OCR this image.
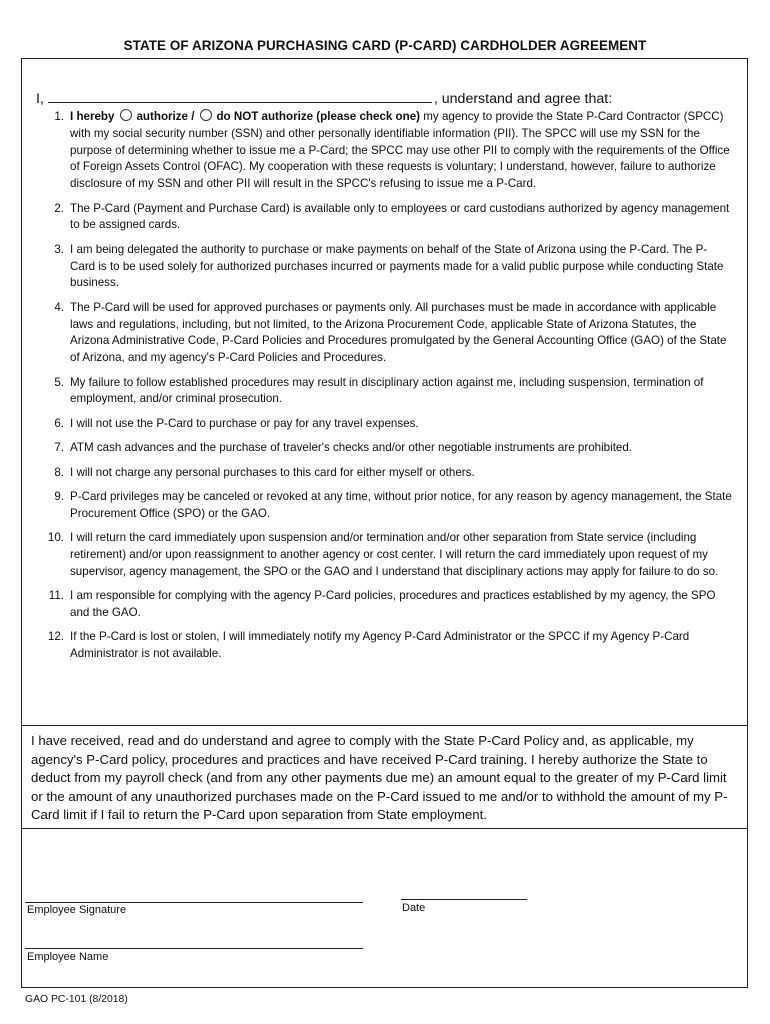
STATE OF ARIZONA PURCHASING CARD (P-CARD) CARDHOLDER AGREEMENT
I,	, understand and agree that:
1. I hereby authorize / do NOT authorize (please check one) my agency to provide the State P-Card Contractor (SPCC) with my social security number (SSN) and other personally identifiable information (PII). The SPCC will use my SSN for the purpose of determining whether to issue me a P-Card; the SPCC may use other PII to comply with the requirements of the Office of Foreign Assets Control (OFAC). My cooperation with these requests is voluntary; I understand, however, failure to authorize disclosure of my SSN and other PII will result in the SPCC's refusing to issue me a P-Card.
2. The P-Card (Payment and Purchase Card) is available only to employees or card custodians authorized by agency management to be assigned cards.
3. I am being delegated the authority to purchase or make payments on behalf of the State of Arizona using the P-Card. The P-Card is to be used solely for authorized purchases incurred or payments made for a valid public purpose while conducting State business.
4. The P-Card will be used for approved purchases or payments only. All purchases must be made in accordance with applicable laws and regulations, including, but not limited, to the Arizona Procurement Code, applicable State of Arizona Statutes, the Arizona Administrative Code, P-Card Policies and Procedures promulgated by the General Accounting Office (GAO) of the State of Arizona, and my agency's P-Card Policies and Procedures.
5. My failure to follow established procedures may result in disciplinary action against me, including suspension, termination of employment, and/or criminal prosecution.
6. I will not use the P-Card to purchase or pay for any travel expenses.
7. ATM cash advances and the purchase of traveler's checks and/or other negotiable instruments are prohibited.
8. I will not charge any personal purchases to this card for either myself or others.
9. P-Card privileges may be canceled or revoked at any time, without prior notice, for any reason by agency management, the State Procurement Office (SPO) or the GAO.
10. I will return the card immediately upon suspension and/or termination and/or other separation from State service (including retirement) and/or upon reassignment to another agency or cost center. I will return the card immediately upon request of my supervisor, agency management, the SPO or the GAO and I understand that disciplinary actions may apply for failure to do so.
11. I am responsible for complying with the agency P-Card policies, procedures and practices established by my agency, the SPO and the GAO.
12. If the P-Card is lost or stolen, I will immediately notify my Agency P-Card Administrator or the SPCC if my Agency P-Card Administrator is not available.
I have received, read and do understand and agree to comply with the State P-Card Policy and, as applicable, my agency's P-Card policy, procedures and practices and have received P-Card training. I hereby authorize the State to deduct from my payroll check (and from any other payments due me) an amount equal to the greater of my P-Card limit or the amount of any unauthorized purchases made on the P-Card issued to me and/or to withhold the amount of my P-Card limit if I fail to return the P-Card upon separation from State employment.
Employee Signature	Date
Employee Name
GAO PC-101 (8/2018)
